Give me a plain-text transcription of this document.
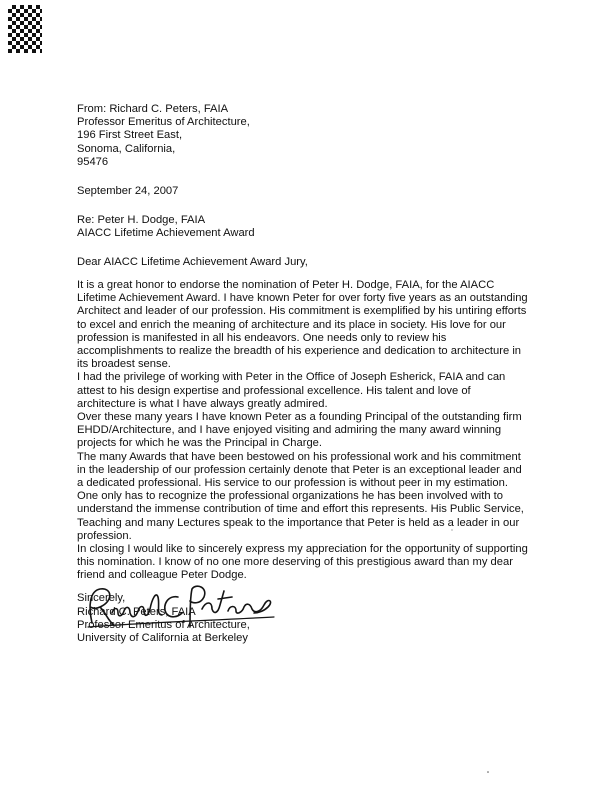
From: Richard C. Peters, FAIA
Professor Emeritus of Architecture,
196 First Street East,
Sonoma, California,
95476
September 24, 2007
Re: Peter H. Dodge, FAIA
AIACC Lifetime Achievement Award
Dear AIACC Lifetime Achievement Award Jury,
It is a great honor to endorse the nomination of Peter H. Dodge, FAIA, for the AIACC
Lifetime Achievement Award. I have known Peter for over forty five years as an outstanding
Architect and leader of our profession. His commitment is exemplified by his untiring efforts
to excel and enrich the meaning of architecture and its place in society. His love for our
profession is manifested in all his endeavors. One needs only to review his
accomplishments to realize the breadth of his experience and dedication to architecture in
its broadest sense.
I had the privilege of working with Peter in the Office of Joseph Esherick, FAIA and can
attest to his design expertise and professional excellence. His talent and love of
architecture is what I have always greatly admired.
Over these many years I have known Peter as a founding Principal of the outstanding firm
EHDD/Architecture, and I have enjoyed visiting and admiring the many award winning
projects for which he was the Principal in Charge.
The many Awards that have been bestowed on his professional work and his commitment
in the leadership of our profession certainly denote that Peter is an exceptional leader and
a dedicated professional. His service to our profession is without peer in my estimation.
One only has to recognize the professional organizations he has been involved with to
understand the immense contribution of time and effort this represents. His Public Service,
Teaching and many Lectures speak to the importance that Peter is held as a leader in our
profession.
In closing I would like to sincerely express my appreciation for the opportunity of supporting
this nomination. I know of no one more deserving of this prestigious award than my dear
friend and colleague Peter Dodge.
Sincerely,
Richard C. Peters, FAIA
Professor Emeritus of Architecture,
University of California at Berkeley
